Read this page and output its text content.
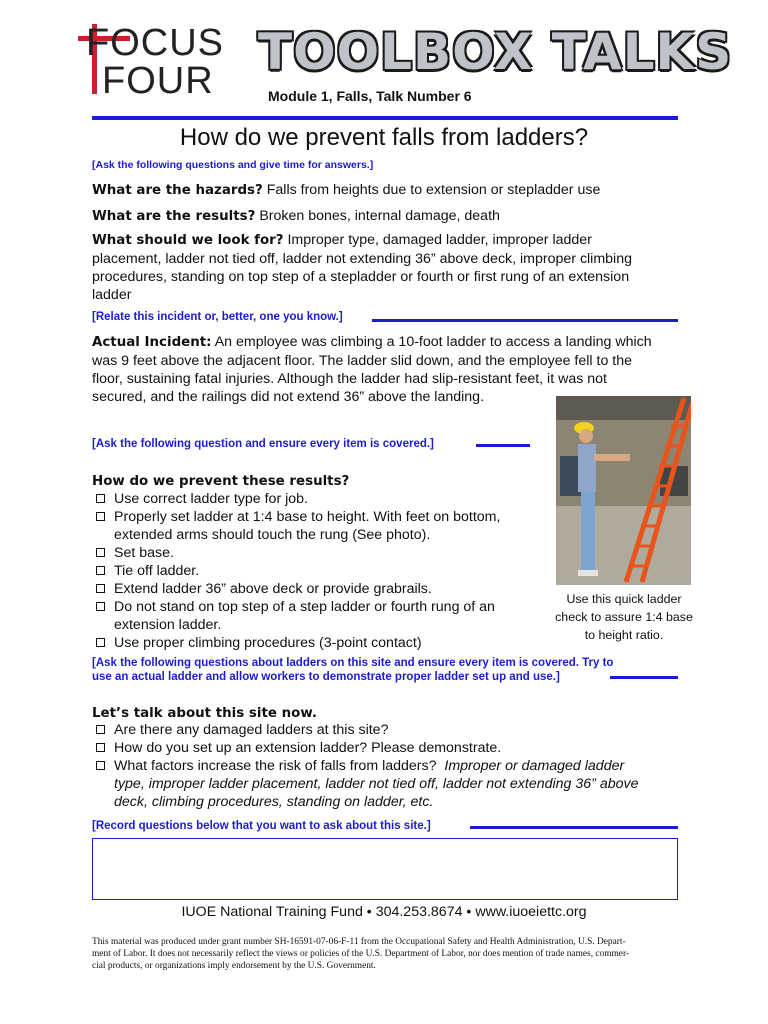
FOCUS
FOUR TOOLBOX TALKS
Module 1, Falls, Talk Number 6
How do we prevent falls from ladders?
[Ask the following questions and give time for answers.]
What are the hazards? Falls from heights due to extension or stepladder use
What are the results? Broken bones, internal damage, death
What should we look for? Improper type, damaged ladder, improper ladder
placement, ladder not tied off, ladder not extending 36” above deck, improper climbing
procedures, standing on top step of a stepladder or fourth or first rung of an extension
ladder
[Relate this incident or, better, one you know.]
Actual Incident: An employee was climbing a 10-foot ladder to access a landing which
was 9 feet above the adjacent floor. The ladder slid down, and the employee fell to the
floor, sustaining fatal injuries. Although the ladder had slip-resistant feet, it was not
secured, and the railings did not extend 36” above the landing.
Use this quick ladder
check to assure 1:4 base
to height ratio.
[Ask the following question and ensure every item is covered.]
How do we prevent these results?
Use correct ladder type for job.
Properly set ladder at 1:4 base to height. With feet on bottom,
extended arms should touch the rung (See photo).
Set base.
Tie off ladder.
Extend ladder 36” above deck or provide grabrails.
Do not stand on top step of a step ladder or fourth rung of an
extension ladder.
Use proper climbing procedures (3-point contact)
[Ask the following questions about ladders on this site and ensure every item is covered. Try to
use an actual ladder and allow workers to demonstrate proper ladder set up and use.]
Let’s talk about this site now.
Are there any damaged ladders at this site?
How do you set up an extension ladder? Please demonstrate.
What factors increase the risk of falls from ladders? Improper or damaged ladder
type, improper ladder placement, ladder not tied off, ladder not extending 36” above
deck, climbing procedures, standing on ladder, etc.
[Record questions below that you want to ask about this site.]
IUOE National Training Fund • 304.253.8674 • www.iuoeiettc.org
This material was produced under grant number SH-16591-07-06-F-11 from the Occupational Safety and Health Administration, U.S. Depart-
ment of Labor. It does not necessarily reflect the views or policies of the U.S. Department of Labor, nor does mention of trade names, commer-
cial products, or organizations imply endorsement by the U.S. Government.
